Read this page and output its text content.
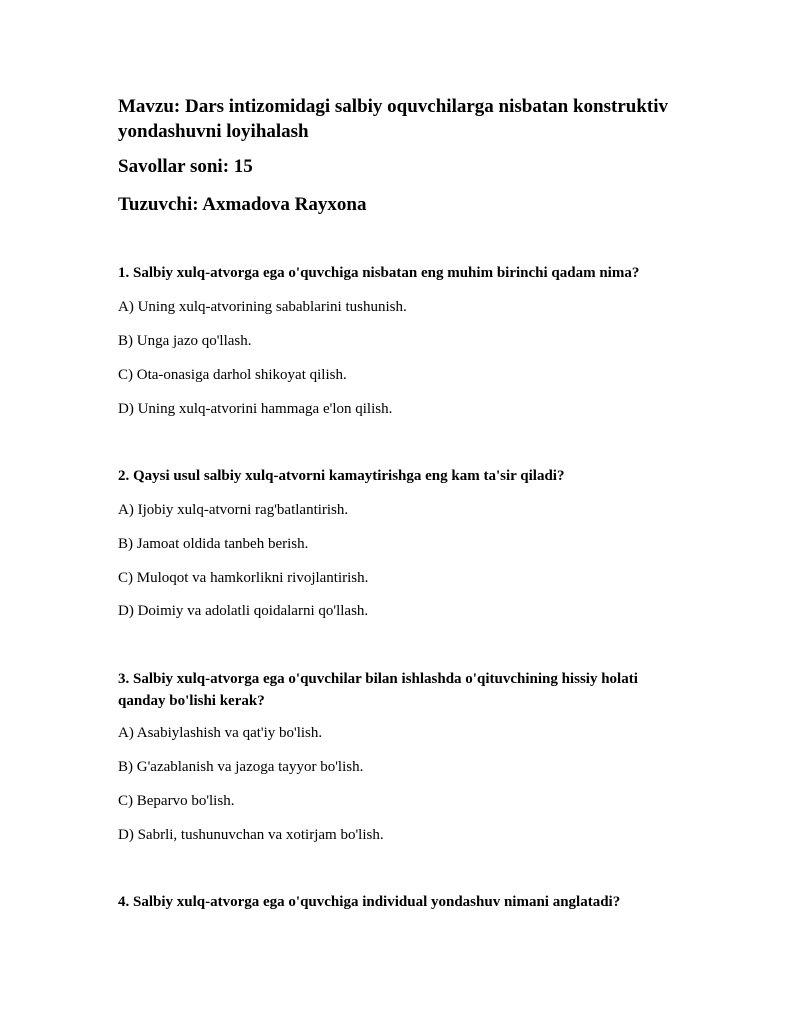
Mavzu: Dars intizomidagi salbiy oquvchilarga nisbatan konstruktiv yondashuvni loyihalash
Savollar soni: 15
Tuzuvchi: Axmadova Rayxona
1. Salbiy xulq-atvorga ega o'quvchiga nisbatan eng muhim birinchi qadam nima?
A) Uning xulq-atvorining sabablarini tushunish.
B) Unga jazo qo'llash.
C) Ota-onasiga darhol shikoyat qilish.
D) Uning xulq-atvorini hammaga e'lon qilish.
2. Qaysi usul salbiy xulq-atvorni kamaytirishga eng kam ta'sir qiladi?
A) Ijobiy xulq-atvorni rag'batlantirish.
B) Jamoat oldida tanbeh berish.
C) Muloqot va hamkorlikni rivojlantirish.
D) Doimiy va adolatli qoidalarni qo'llash.
3. Salbiy xulq-atvorga ega o'quvchilar bilan ishlashda o'qituvchining hissiy holati qanday bo'lishi kerak?
A) Asabiylashish va qat'iy bo'lish.
B) G'azablanish va jazoga tayyor bo'lish.
C) Beparvo bo'lish.
D) Sabrli, tushunuvchan va xotirjam bo'lish.
4. Salbiy xulq-atvorga ega o'quvchiga individual yondashuv nimani anglatadi?
